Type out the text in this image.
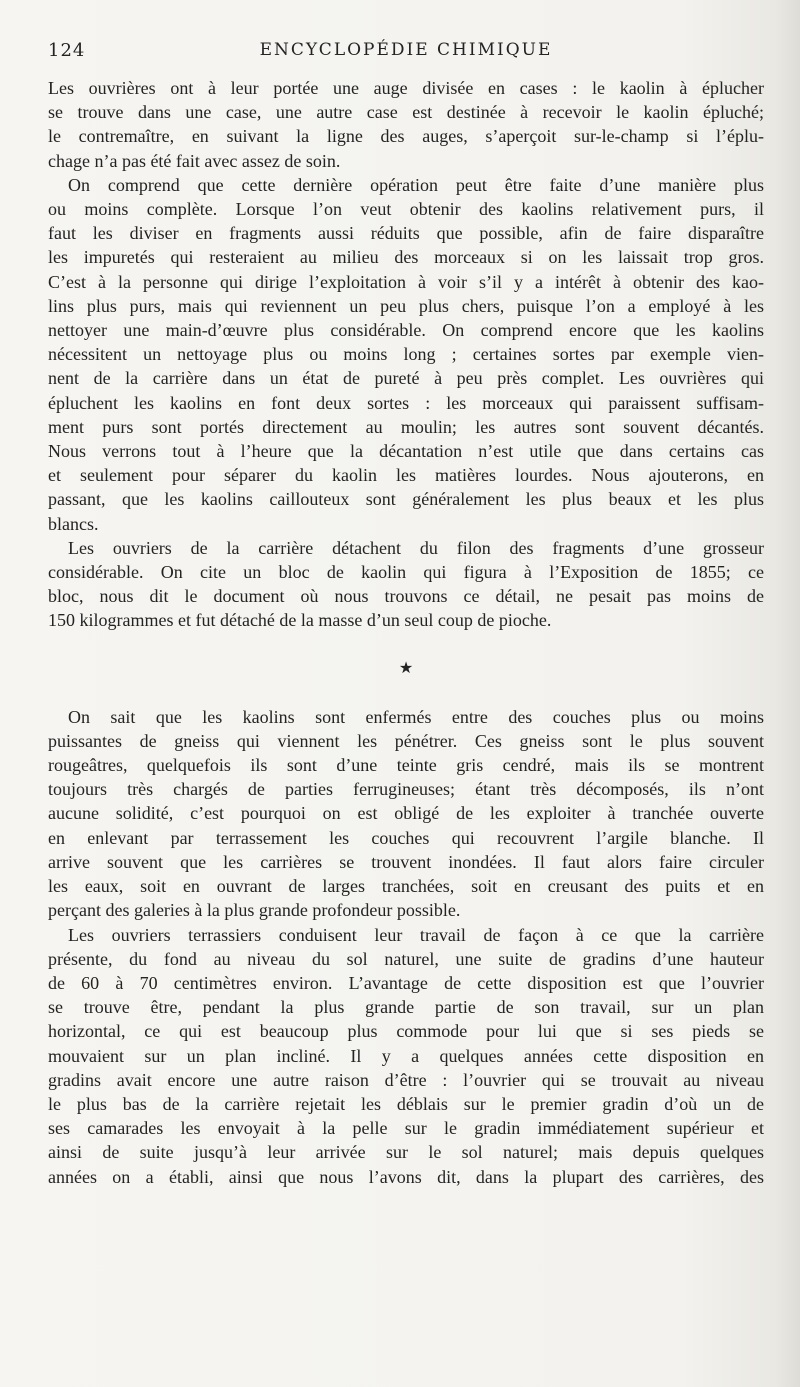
124	ENCYCLOPÉDIE CHIMIQUE
Les ouvrières ont à leur portée une auge divisée en cases : le kaolin à éplucher
se trouve dans une case, une autre case est destinée à recevoir le kaolin épluché;
le contremaître, en suivant la ligne des auges, s’aperçoit sur-le-champ si l’éplu-
chage n’a pas été fait avec assez de soin.
On comprend que cette dernière opération peut être faite d’une manière plus
ou moins complète. Lorsque l’on veut obtenir des kaolins relativement purs, il
faut les diviser en fragments aussi réduits que possible, afin de faire disparaître
les impuretés qui resteraient au milieu des morceaux si on les laissait trop gros.
C’est à la personne qui dirige l’exploitation à voir s’il y a intérêt à obtenir des kao-
lins plus purs, mais qui reviennent un peu plus chers, puisque l’on a employé à les
nettoyer une main-d’œuvre plus considérable. On comprend encore que les kaolins
nécessitent un nettoyage plus ou moins long ; certaines sortes par exemple vien-
nent de la carrière dans un état de pureté à peu près complet. Les ouvrières qui
épluchent les kaolins en font deux sortes : les morceaux qui paraissent suffisam-
ment purs sont portés directement au moulin; les autres sont souvent décantés.
Nous verrons tout à l’heure que la décantation n’est utile que dans certains cas
et seulement pour séparer du kaolin les matières lourdes. Nous ajouterons, en
passant, que les kaolins caillouteux sont généralement les plus beaux et les plus
blancs.
Les ouvriers de la carrière détachent du filon des fragments d’une grosseur
considérable. On cite un bloc de kaolin qui figura à l’Exposition de 1855; ce
bloc, nous dit le document où nous trouvons ce détail, ne pesait pas moins de
150 kilogrammes et fut détaché de la masse d’un seul coup de pioche.
★
On sait que les kaolins sont enfermés entre des couches plus ou moins
puissantes de gneiss qui viennent les pénétrer. Ces gneiss sont le plus souvent
rougeâtres, quelquefois ils sont d’une teinte gris cendré, mais ils se montrent
toujours très chargés de parties ferrugineuses; étant très décomposés, ils n’ont
aucune solidité, c’est pourquoi on est obligé de les exploiter à tranchée ouverte
en enlevant par terrassement les couches qui recouvrent l’argile blanche. Il
arrive souvent que les carrières se trouvent inondées. Il faut alors faire circuler
les eaux, soit en ouvrant de larges tranchées, soit en creusant des puits et en
perçant des galeries à la plus grande profondeur possible.
Les ouvriers terrassiers conduisent leur travail de façon à ce que la carrière
présente, du fond au niveau du sol naturel, une suite de gradins d’une hauteur
de 60 à 70 centimètres environ. L’avantage de cette disposition est que l’ouvrier
se trouve être, pendant la plus grande partie de son travail, sur un plan
horizontal, ce qui est beaucoup plus commode pour lui que si ses pieds se
mouvaient sur un plan incliné. Il y a quelques années cette disposition en
gradins avait encore une autre raison d’être : l’ouvrier qui se trouvait au niveau
le plus bas de la carrière rejetait les déblais sur le premier gradin d’où un de
ses camarades les envoyait à la pelle sur le gradin immédiatement supérieur et
ainsi de suite jusqu’à leur arrivée sur le sol naturel; mais depuis quelques
années on a établi, ainsi que nous l’avons dit, dans la plupart des carrières, des
